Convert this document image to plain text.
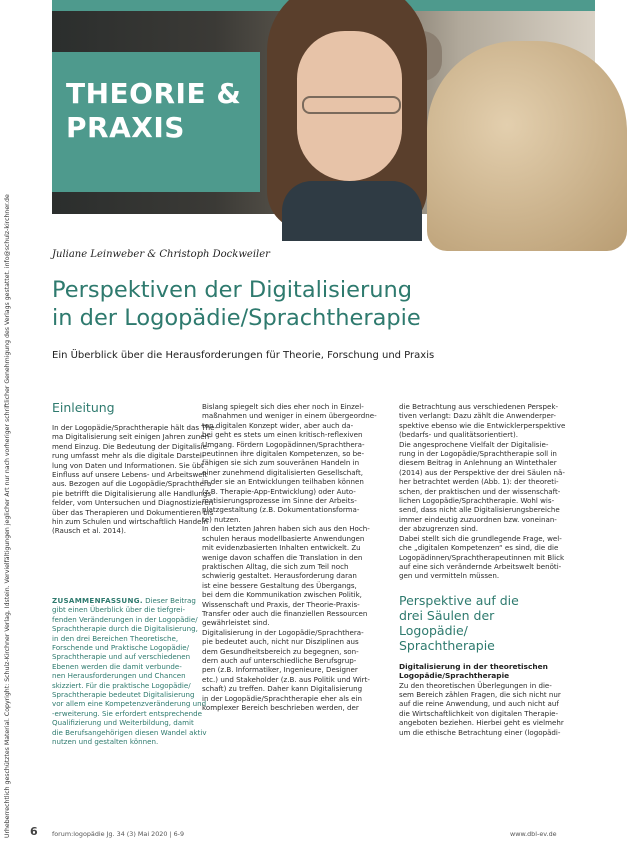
THEORIE &
PRAXIS
Urheberrechtlich geschütztes Material. Copyright: Schulz-Kirchner Verlag, Idstein. Vervielfältigungen jeglicher Art nur nach vorheriger schriftlicher Genehmigung des Verlags gestattet. info@schulz-kirchner.de	Juliane Leinweber & Christoph Dockweiler
Perspektiven der Digitalisierung
in der Logopädie/Sprachtherapie
Ein Überblick über die Herausforderungen für Theorie, Forschung und Praxis
Einleitung
In der Logopädie/Sprachtherapie hält das The-
ma Digitalisierung seit einigen Jahren zuneh-
mend Einzug. Die Bedeutung der Digitalisie-
rung umfasst mehr als die digitale Darstel-
lung von Daten und Informationen. Sie übt
Einfluss auf unsere Lebens- und Arbeitswelt
aus. Bezogen auf die Logopädie/Sprachthera-
pie betrifft die Digitalisierung alle Handlungs-
felder, vom Untersuchen und Diagnostizieren
über das Therapieren und Dokumentieren bis
hin zum Schulen und wirtschaftlich Handeln
(Rausch et al. 2014).
ZUSAMMENFASSUNG. Dieser Beitrag
gibt einen Überblick über die tiefgrei-
fenden Veränderungen in der Logopädie/
Sprachtherapie durch die Digitalisierung,
in den drei Bereichen Theoretische,
Forschende und Praktische Logopädie/
Sprachtherapie und auf verschiedenen
Ebenen werden die damit verbunde-
nen Herausforderungen und Chancen
skizziert. Für die praktische Logopädie/
Sprachtherapie bedeutet Digitalisierung
vor allem eine Kompetenzveränderung und
-erweiterung. Sie erfordert entsprechende
Qualifizierung und Weiterbildung, damit
die Berufsangehörigen diesen Wandel aktiv
nutzen und gestalten können.
Bislang spiegelt sich dies eher noch in Einzel-
maßnahmen und weniger in einem übergeordne-
ten digitalen Konzept wider, aber auch da-
bei geht es stets um einen kritisch-reflexiven
Umgang. Fördern Logopädinnen/Sprachthera-
peutinnen ihre digitalen Kompetenzen, so be-
fähigen sie sich zum souveränen Handeln in
einer zunehmend digitalisierten Gesellschaft,
in der sie an Entwicklungen teilhaben können
(z.B. Therapie-App-Entwicklung) oder Auto-
matisierungsprozesse im Sinne der Arbeits-
platzgestaltung (z.B. Dokumentationsforma-
te) nutzen.
In den letzten Jahren haben sich aus den Hoch-
schulen heraus modellbasierte Anwendungen
mit evidenzbasierten Inhalten entwickelt. Zu
wenige davon schaffen die Translation in den
praktischen Alltag, die sich zum Teil noch
schwierig gestaltet. Herausforderung daran
ist eine bessere Gestaltung des Übergangs,
bei dem die Kommunikation zwischen Politik,
Wissenschaft und Praxis, der Theorie-Praxis-
Transfer oder auch die finanziellen Ressourcen
gewährleistet sind.
Digitalisierung in der Logopädie/Sprachthera-
pie bedeutet auch, nicht nur Disziplinen aus
dem Gesundheitsbereich zu begegnen, son-
dern auch auf unterschiedliche Berufsgrup-
pen (z.B. Informatiker, Ingenieure, Designer
etc.) und Stakeholder (z.B. aus Politik und Wirt-
schaft) zu treffen. Daher kann Digitalisierung
in der Logopädie/Sprachtherapie eher als ein
komplexer Bereich beschrieben werden, der
die Betrachtung aus verschiedenen Perspek-
tiven verlangt: Dazu zählt die Anwenderper-
spektive ebenso wie die Entwicklerperspektive
(bedarfs- und qualitätsorientiert).
Die angesprochene Vielfalt der Digitalisie-
rung in der Logopädie/Sprachtherapie soll in
diesem Beitrag in Anlehnung an Wintethaler
(2014) aus der Perspektive der drei Säulen nä-
her betrachtet werden (Abb. 1): der theoreti-
schen, der praktischen und der wissenschaft-
lichen Logopädie/Sprachtherapie. Wohl wis-
send, dass nicht alle Digitalisierungsbereiche
immer eindeutig zuzuordnen bzw. voneinan-
der abzugrenzen sind.
Dabei stellt sich die grundlegende Frage, wel-
che „digitalen Kompetenzen“ es sind, die die
Logopädinnen/Sprachtherapeutinnen mit Blick
auf eine sich verändernde Arbeitswelt benöti-
gen und vermitteln müssen.
Perspektive auf die
drei Säulen der Logopädie/
Sprachtherapie
Digitalisierung in der theoretischen Logopädie/Sprachtherapie
Zu den theoretischen Überlegungen in die-
sem Bereich zählen Fragen, die sich nicht nur
auf die reine Anwendung, und auch nicht auf
die Wirtschaftlichkeit von digitalen Therapie-
angeboten beziehen. Hierbei geht es vielmehr
um die ethische Betrachtung einer (logopädi-
6 forum:logopädie Jg. 34 (3) Mai 2020 | 6-9	www.dbl-ev.de
